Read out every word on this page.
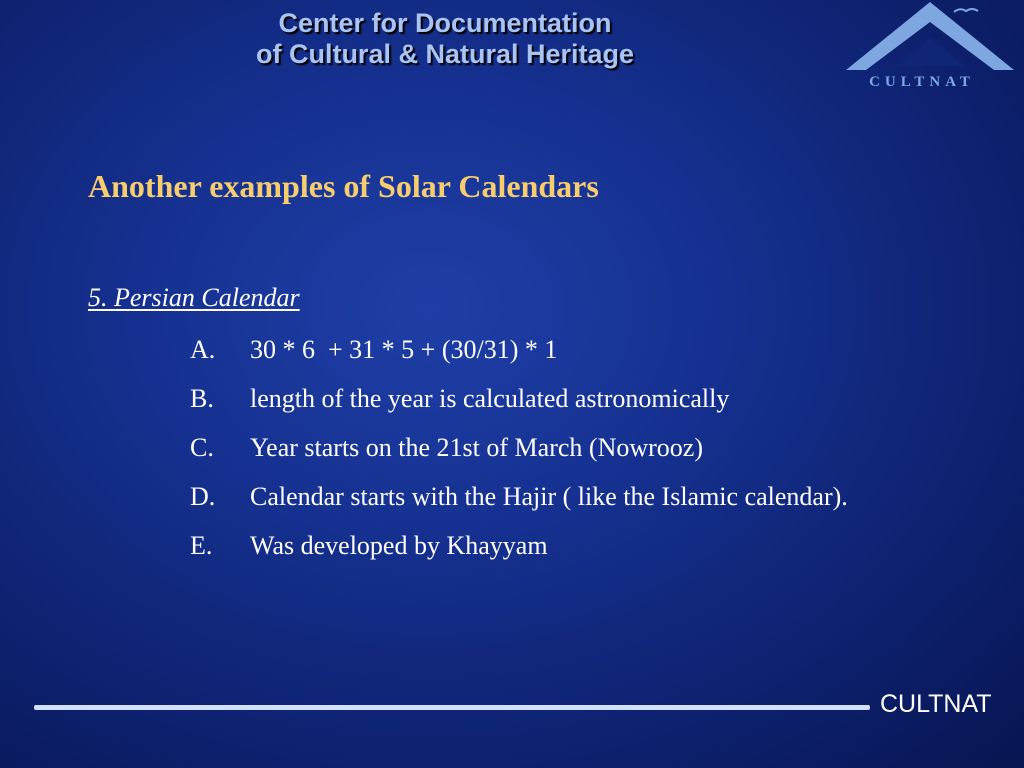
Center for Documentation
of Cultural & Natural Heritage
CULTNAT
Another examples of Solar Calendars
5. Persian Calendar
A.	30 * 6  + 31 * 5 + (30/31) * 1
B.	length of the year is calculated astronomically
C.	Year starts on the 21st of March (Nowrooz)
D.	Calendar starts with the Hajir ( like the Islamic calendar).
E.	Was developed by Khayyam
CULTNAT
